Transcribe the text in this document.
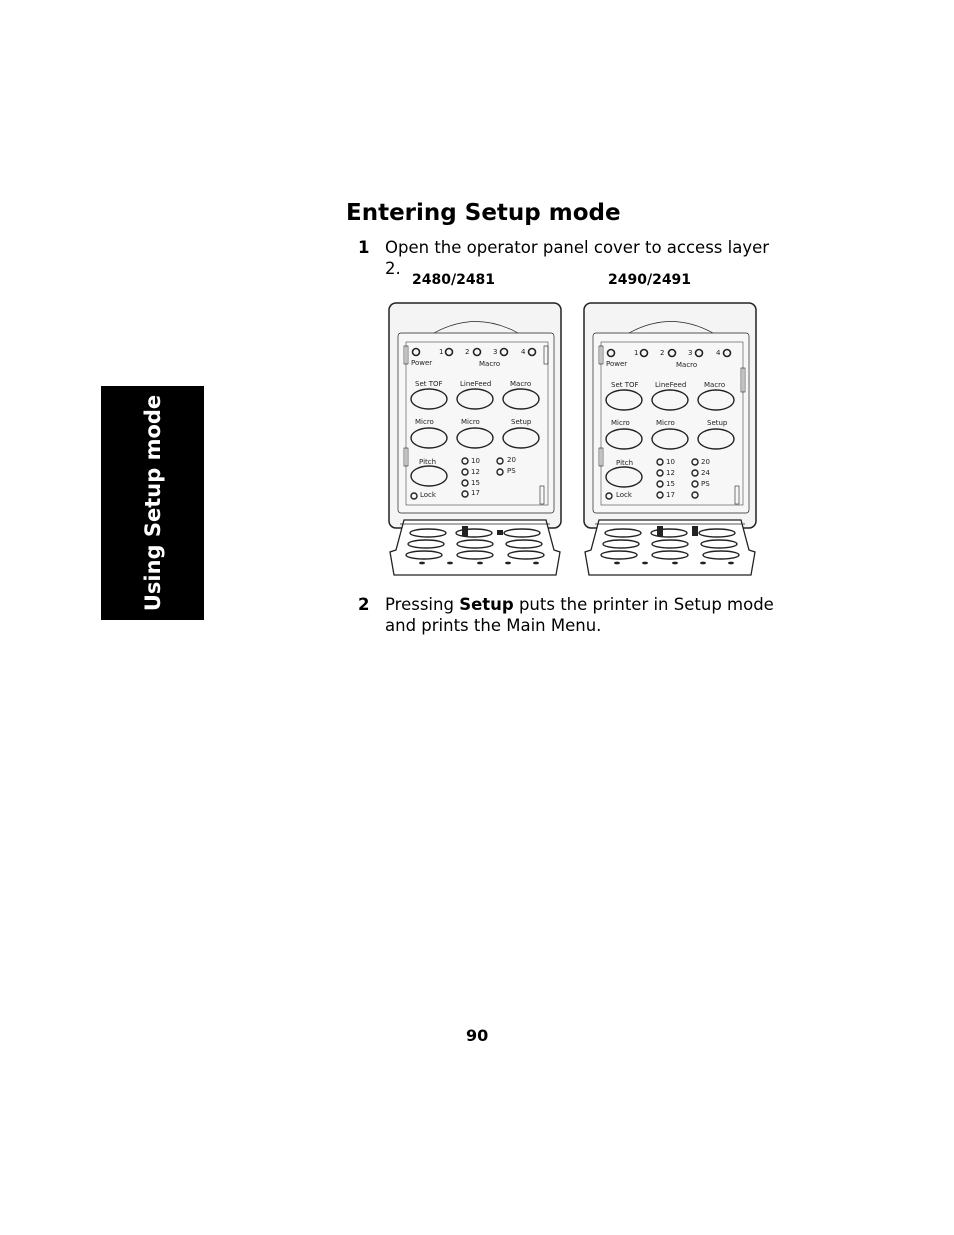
Using Setup mode
Entering Setup mode
1 Open the operator panel cover to access layer 2.
2480/2481	2490/2491
Power
1	2	3	4
Macro
Set TOF LineFeed	Macro
Micro	Micro	Setup
Pitch
Lock
10
12
15
17
20
PS
Power
1	2	3	4
Macro
Set TOF LineFeed	Macro
Micro	Micro	Setup
Pitch
Lock
10
12
15
17
20
24
PS
2 Pressing Setup puts the printer in Setup mode and prints the Main Menu.
90
